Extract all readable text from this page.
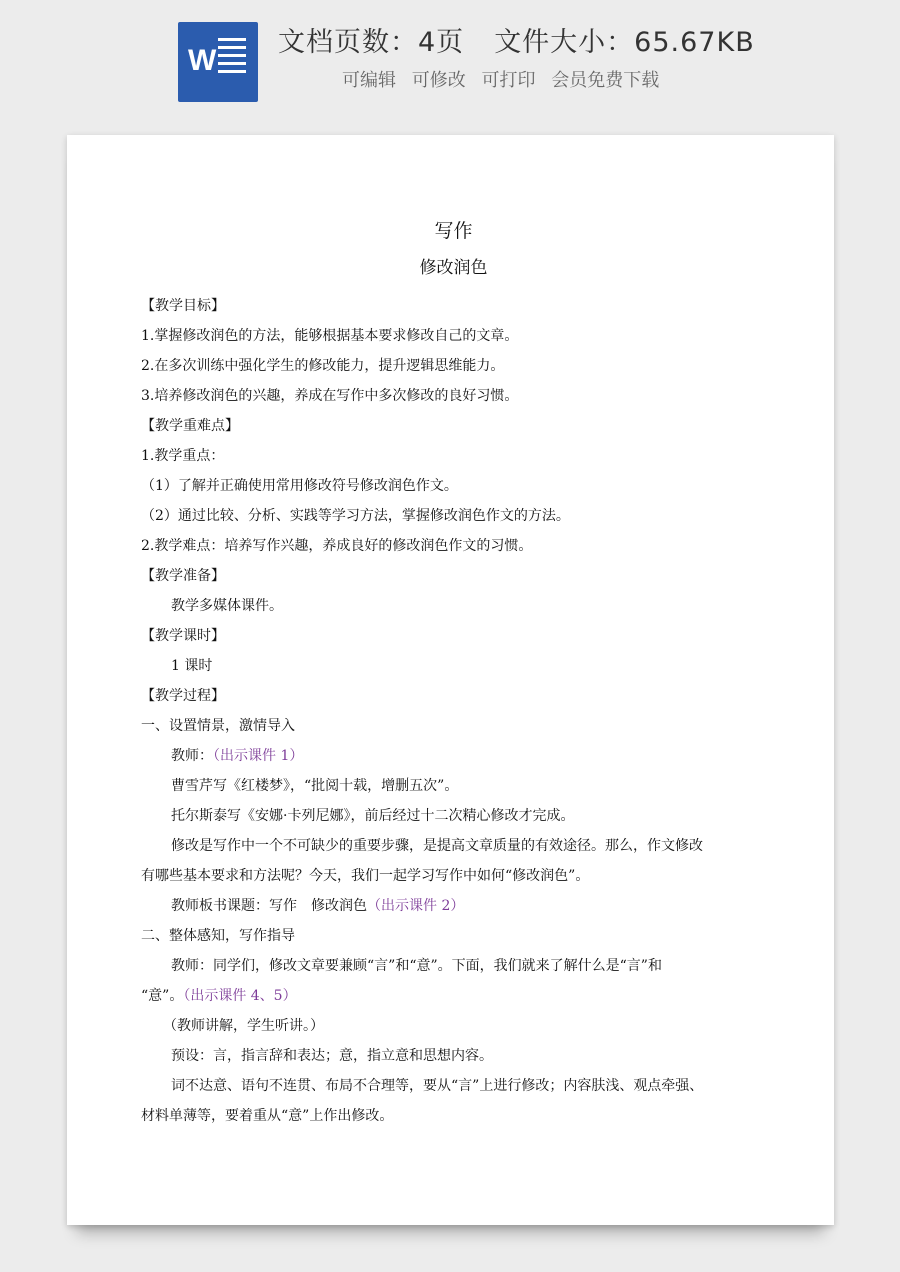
W
文档页数：4页 文件大小：65.67KB
可编辑 可修改 可打印 会员免费下载
写作
修改润色
【教学目标】
1.掌握修改润色的方法，能够根据基本要求修改自己的文章。
2.在多次训练中强化学生的修改能力，提升逻辑思维能力。
3.培养修改润色的兴趣，养成在写作中多次修改的良好习惯。
【教学重难点】
1.教学重点：
（1）了解并正确使用常用修改符号修改润色作文。
（2）通过比较、分析、实践等学习方法，掌握修改润色作文的方法。
2.教学难点：培养写作兴趣，养成良好的修改润色作文的习惯。
【教学准备】
教学多媒体课件。
【教学课时】
1 课时
【教学过程】
一、设置情景，激情导入
教师：（出示课件 1）
曹雪芹写《红楼梦》，“批阅十载，增删五次”。
托尔斯泰写《安娜·卡列尼娜》，前后经过十二次精心修改才完成。
修改是写作中一个不可缺少的重要步骤，是提高文章质量的有效途径。那么，作文修改
有哪些基本要求和方法呢？今天，我们一起学习写作中如何“修改润色”。
教师板书课题：写作　修改润色（出示课件 2）
二、整体感知，写作指导
教师：同学们，修改文章要兼顾“言”和“意”。下面，我们就来了解什么是“言”和
“意”。（出示课件 4、5）
（教师讲解，学生听讲。）
预设：言，指言辞和表达；意，指立意和思想内容。
词不达意、语句不连贯、布局不合理等，要从“言”上进行修改；内容肤浅、观点牵强、
材料单薄等，要着重从“意”上作出修改。
